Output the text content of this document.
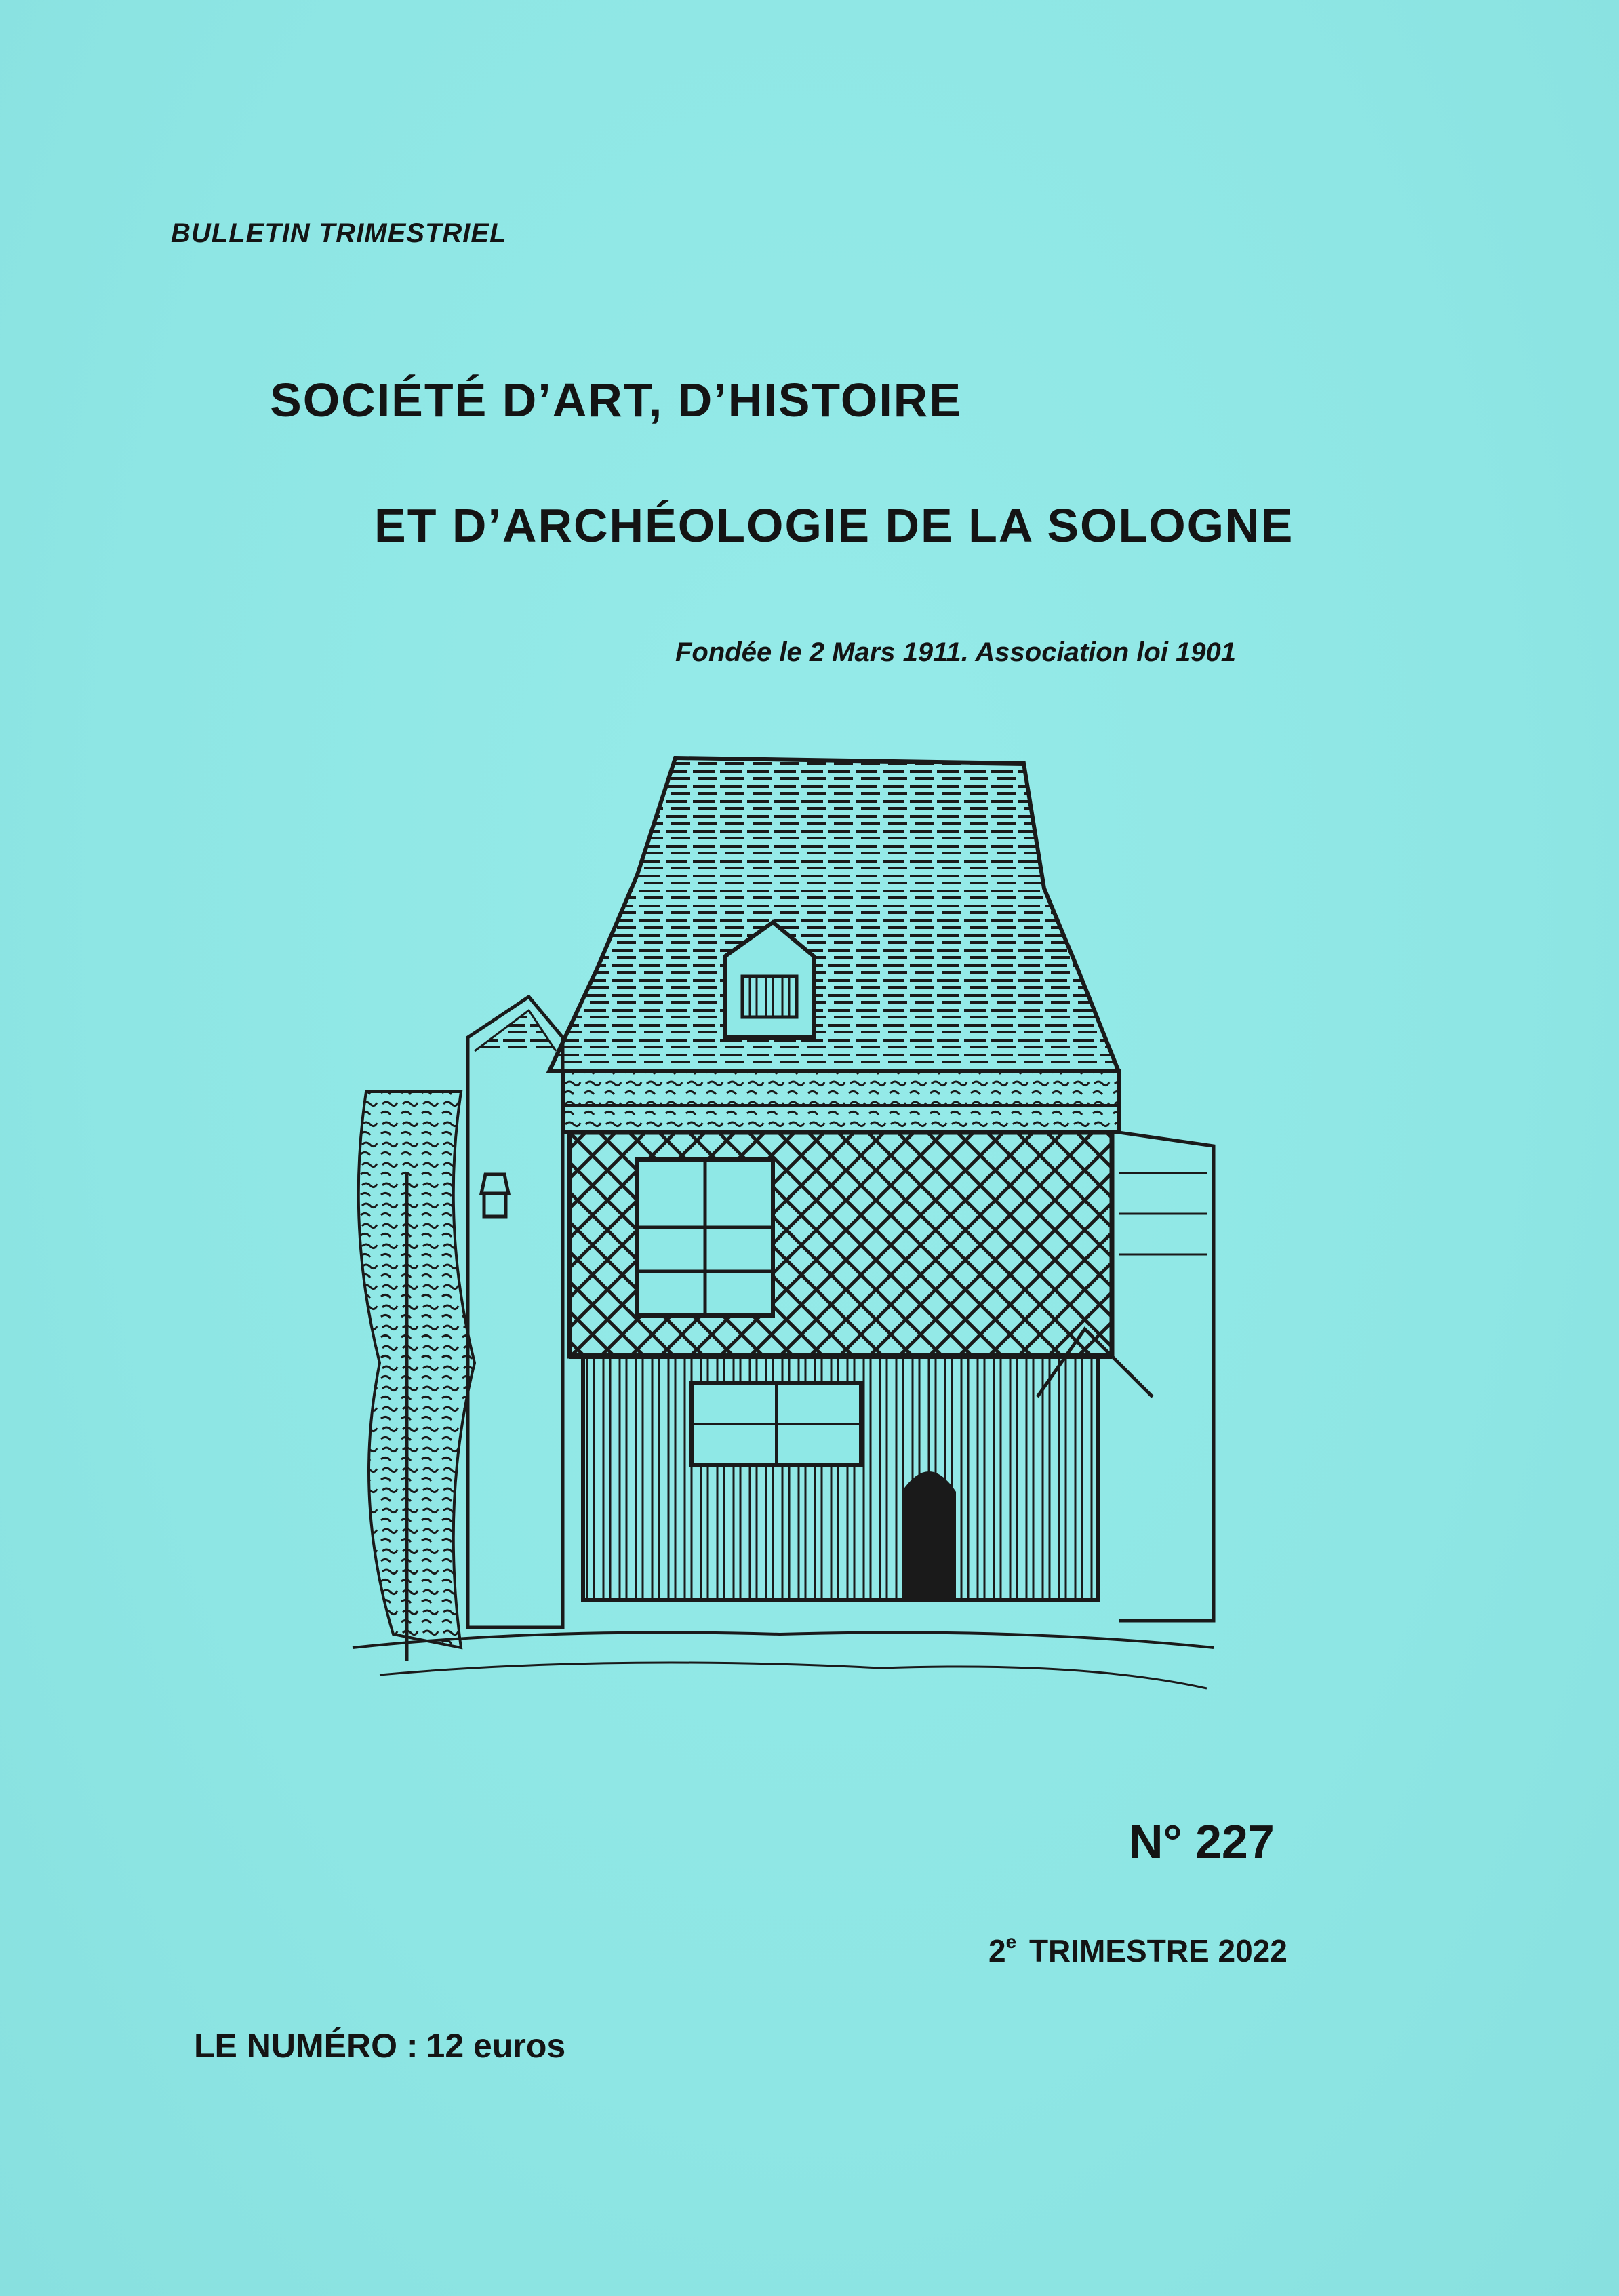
BULLETIN TRIMESTRIEL

SOCIÉTÉ D’ART, D’HISTOIRE

ET D’ARCHÉOLOGIE DE LA SOLOGNE

Fondée le 2 Mars 1911. Association loi 1901

N° 227

2e TRIMESTRE 2022

LE NUMÉRO : 12 euros
